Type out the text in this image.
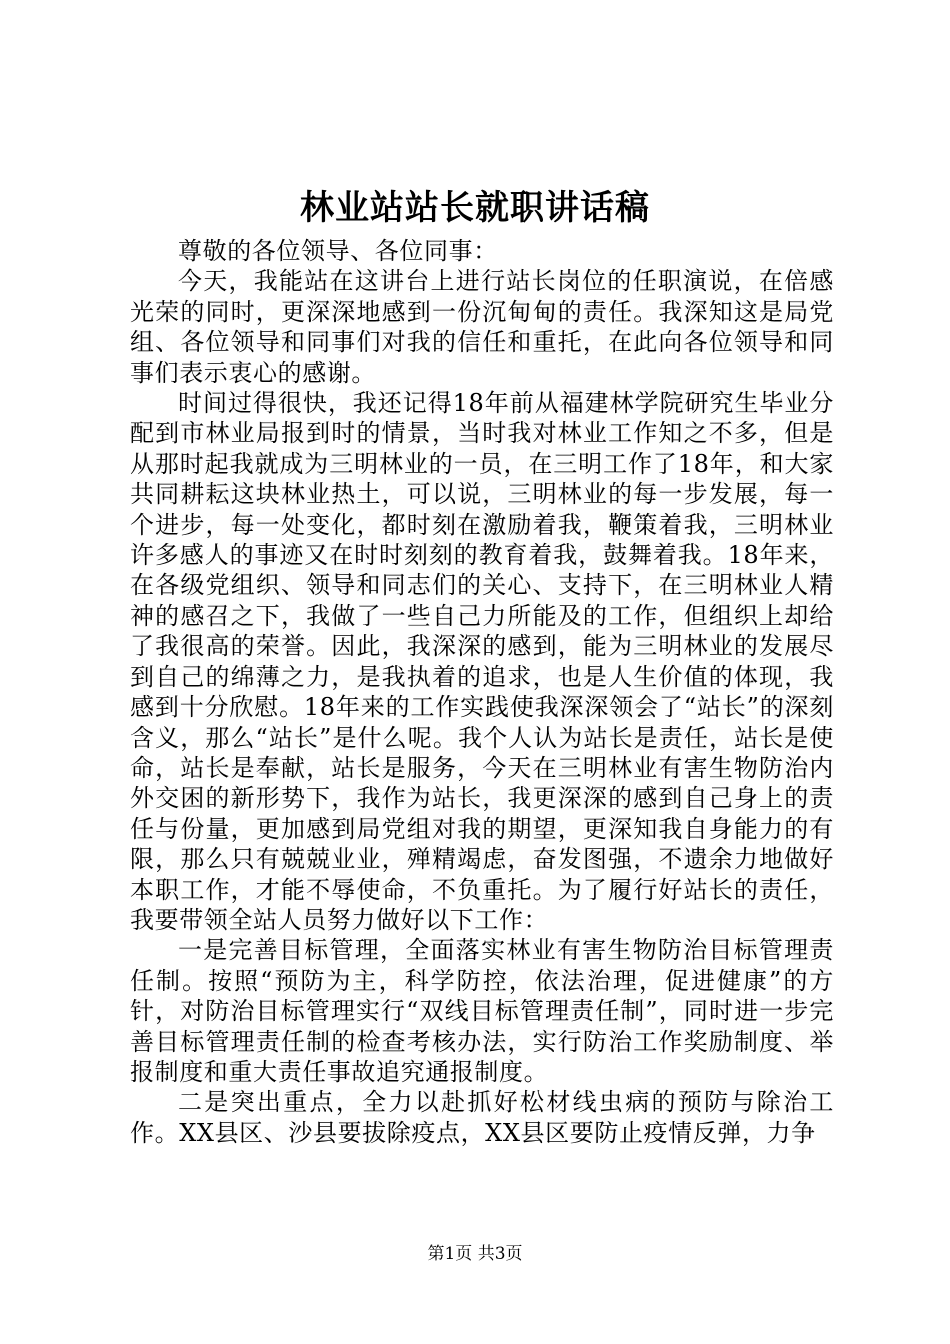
林业站站长就职讲话稿

尊敬的各位领导、各位同事：

今天，我能站在这讲台上进行站长岗位的任职演说，在倍感光荣的同时，更深深地感到一份沉甸甸的责任。我深知这是局党组、各位领导和同事们对我的信任和重托，在此向各位领导和同事们表示衷心的感谢。

时间过得很快，我还记得18年前从福建林学院研究生毕业分配到市林业局报到时的情景，当时我对林业工作知之不多，但是从那时起我就成为三明林业的一员，在三明工作了18年，和大家共同耕耘这块林业热土，可以说，三明林业的每一步发展，每一个进步，每一处变化，都时刻在激励着我，鞭策着我，三明林业许多感人的事迹又在时时刻刻的教育着我，鼓舞着我。18年来，在各级党组织、领导和同志们的关心、支持下，在三明林业人精神的感召之下，我做了一些自己力所能及的工作，但组织上却给了我很高的荣誉。因此，我深深的感到，能为三明林业的发展尽到自己的绵薄之力，是我执着的追求，也是人生价值的体现，我感到十分欣慰。18年来的工作实践使我深深领会了“站长”的深刻含义，那么“站长”是什么呢。我个人认为站长是责任，站长是使命，站长是奉献，站长是服务，今天在三明林业有害生物防治内外交困的新形势下，我作为站长，我更深深的感到自己身上的责任与份量，更加感到局党组对我的期望，更深知我自身能力的有限，那么只有兢兢业业，殚精竭虑，奋发图强，不遗余力地做好本职工作，才能不辱使命，不负重托。为了履行好站长的责任，我要带领全站人员努力做好以下工作：

一是完善目标管理，全面落实林业有害生物防治目标管理责任制。按照“预防为主，科学防控，依法治理，促进健康”的方针，对防治目标管理实行“双线目标管理责任制”，同时进一步完善目标管理责任制的检查考核办法，实行防治工作奖励制度、举报制度和重大责任事故追究通报制度。

二是突出重点，全力以赴抓好松材线虫病的预防与除治工作。XX县区、沙县要拔除疫点，XX县区要防止疫情反弹，力争

第1页 共3页
